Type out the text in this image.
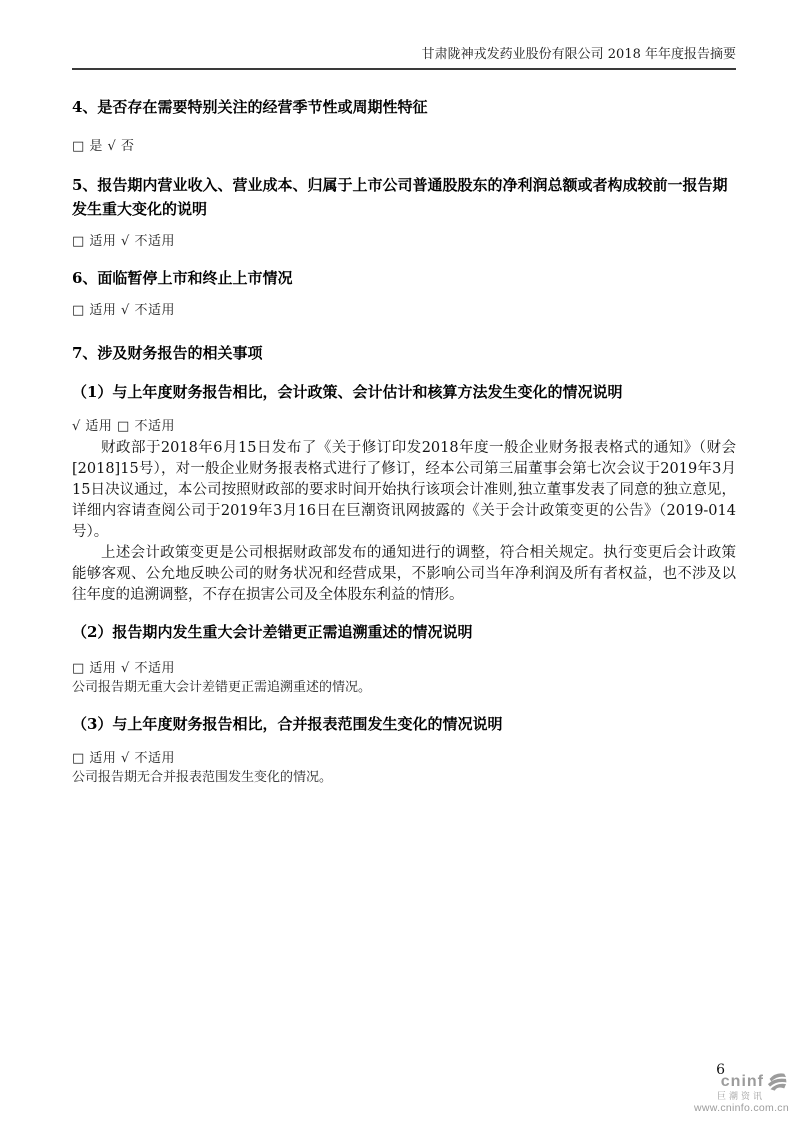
甘肃陇神戎发药业股份有限公司 2018 年年度报告摘要
4、是否存在需要特别关注的经营季节性或周期性特征
□ 是 √ 否
5、报告期内营业收入、营业成本、归属于上市公司普通股股东的净利润总额或者构成较前一报告期发生重大变化的说明
□ 适用 √ 不适用
6、面临暂停上市和终止上市情况
□ 适用 √ 不适用
7、涉及财务报告的相关事项
（1）与上年度财务报告相比，会计政策、会计估计和核算方法发生变化的情况说明
√ 适用 □ 不适用

财政部于2018年6月15日发布了《关于修订印发2018年度一般企业财务报表格式的通知》（财会[2018]15号），对一般企业财务报表格式进行了修订，经本公司第三届董事会第七次会议于2019年3月15日决议通过，本公司按照财政部的要求时间开始执行该项会计准则,独立董事发表了同意的独立意见，详细内容请查阅公司于2019年3月16日在巨潮资讯网披露的《关于会计政策变更的公告》（2019-014号）。

上述会计政策变更是公司根据财政部发布的通知进行的调整，符合相关规定。执行变更后会计政策能够客观、公允地反映公司的财务状况和经营成果，不影响公司当年净利润及所有者权益，也不涉及以往年度的追溯调整，不存在损害公司及全体股东利益的情形。

（2）报告期内发生重大会计差错更正需追溯重述的情况说明
□ 适用 √ 不适用
公司报告期无重大会计差错更正需追溯重述的情况。
（3）与上年度财务报告相比，合并报表范围发生变化的情况说明
□ 适用 √ 不适用
公司报告期无合并报表范围发生变化的情况。
6
cninf
巨潮资讯
www.cninfo.com.cn
